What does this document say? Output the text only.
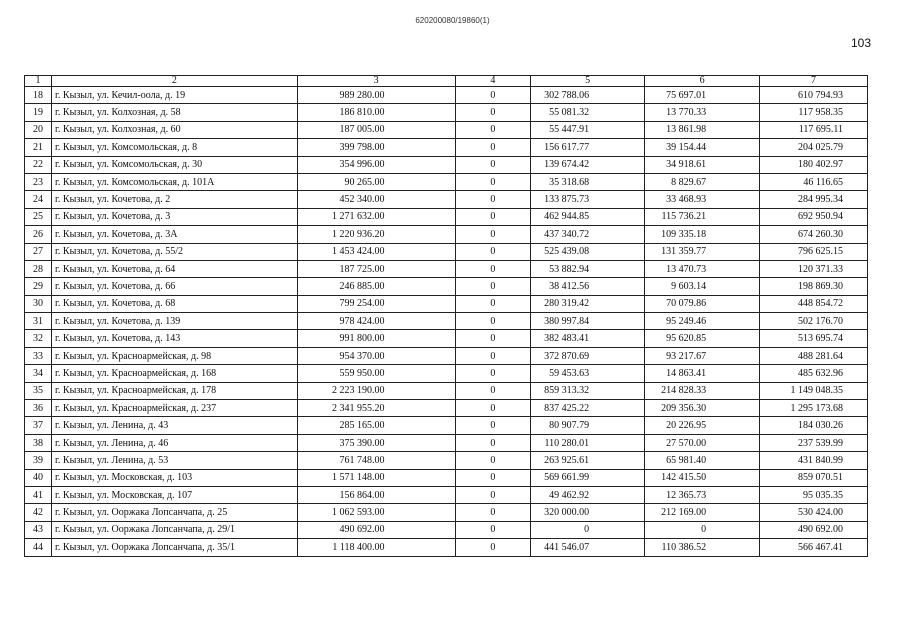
620200080/19860(1)
103
1	2	3	4	5	6	7
18	г. Кызыл, ул. Кечил-оола, д. 19	989 280.00	0	302 788.06	75 697.01	610 794.93
19	г. Кызыл, ул. Колхозная, д. 58	186 810.00	0	55 081.32	13 770.33	117 958.35
20	г. Кызыл, ул. Колхозная, д. 60	187 005.00	0	55 447.91	13 861.98	117 695.11
21	г. Кызыл, ул. Комсомольская, д. 8	399 798.00	0	156 617.77	39 154.44	204 025.79
22	г. Кызыл, ул. Комсомольская, д. 30	354 996.00	0	139 674.42	34 918.61	180 402.97
23	г. Кызыл, ул. Комсомольская, д. 101А	90 265.00	0	35 318.68	8 829.67	46 116.65
24	г. Кызыл, ул. Кочетова, д. 2	452 340.00	0	133 875.73	33 468.93	284 995.34
25	г. Кызыл, ул. Кочетова, д. 3	1 271 632.00	0	462 944.85	115 736.21	692 950.94
26	г. Кызыл, ул. Кочетова, д. 3А	1 220 936.20	0	437 340.72	109 335.18	674 260.30
27	г. Кызыл, ул. Кочетова, д. 55/2	1 453 424.00	0	525 439.08	131 359.77	796 625.15
28	г. Кызыл, ул. Кочетова, д. 64	187 725.00	0	53 882.94	13 470.73	120 371.33
29	г. Кызыл, ул. Кочетова, д. 66	246 885.00	0	38 412.56	9 603.14	198 869.30
30	г. Кызыл, ул. Кочетова, д. 68	799 254.00	0	280 319.42	70 079.86	448 854.72
31	г. Кызыл, ул. Кочетова, д. 139	978 424.00	0	380 997.84	95 249.46	502 176.70
32	г. Кызыл, ул. Кочетова, д. 143	991 800.00	0	382 483.41	95 620.85	513 695.74
33	г. Кызыл, ул. Красноармейская, д. 98	954 370.00	0	372 870.69	93 217.67	488 281.64
34	г. Кызыл, ул. Красноармейская, д. 168	559 950.00	0	59 453.63	14 863.41	485 632.96
35	г. Кызыл, ул. Красноармейская, д. 178	2 223 190.00	0	859 313.32	214 828.33	1 149 048.35
36	г. Кызыл, ул. Красноармейская, д. 237	2 341 955.20	0	837 425.22	209 356.30	1 295 173.68
37	г. Кызыл, ул. Ленина, д. 43	285 165.00	0	80 907.79	20 226.95	184 030.26
38	г. Кызыл, ул. Ленина, д. 46	375 390.00	0	110 280.01	27 570.00	237 539.99
39	г. Кызыл, ул. Ленина, д. 53	761 748.00	0	263 925.61	65 981.40	431 840.99
40	г. Кызыл, ул. Московская, д. 103	1 571 148.00	0	569 661.99	142 415.50	859 070.51
41	г. Кызыл, ул. Московская, д. 107	156 864.00	0	49 462.92	12 365.73	95 035.35
42	г. Кызыл, ул. Ооржака Лопсанчапа, д. 25	1 062 593.00	0	320 000.00	212 169.00	530 424.00
43	г. Кызыл, ул. Ооржака Лопсанчапа, д. 29/1	490 692.00	0	0	0	490 692.00
44	г. Кызыл, ул. Ооржака Лопсанчапа, д. 35/1	1 118 400.00	0	441 546.07	110 386.52	566 467.41
